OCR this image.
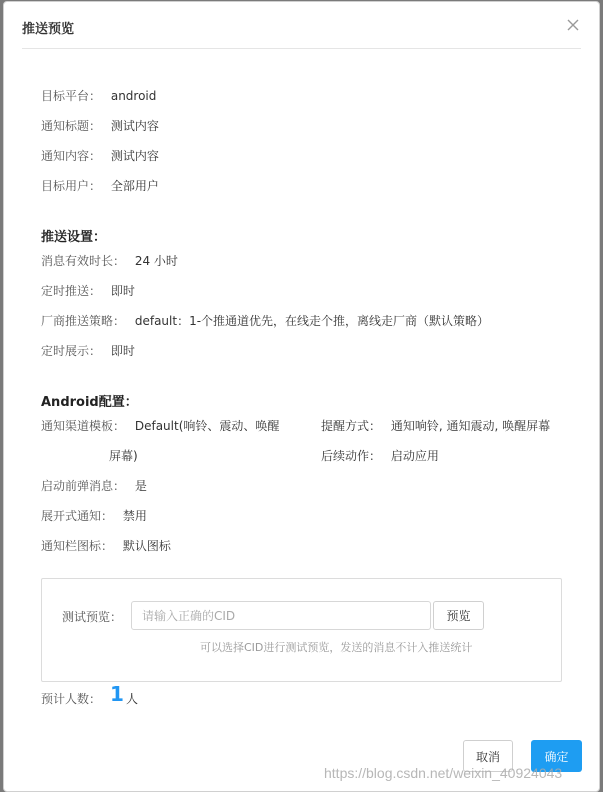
推送预览
目标平台： android
通知标题： 测试内容
通知内容： 测试内容
目标用户： 全部用户
推送设置：
消息有效时长： 24 小时
定时推送： 即时
厂商推送策略： default：1-个推通道优先，在线走个推，离线走厂商（默认策略）
定时展示： 即时
Android配置：
通知渠道模板： Default(响铃、震动、唤醒
屏幕)
提醒方式： 通知响铃, 通知震动, 唤醒屏幕
后续动作： 启动应用
启动前弹消息： 是
展开式通知： 禁用
通知栏图标： 默认图标
测试预览：
请输入正确的CID	预览
可以选择CID进行测试预览，发送的消息不计入推送统计
预计人数： 1 人
取消	确定
https://blog.csdn.net/weixin_40924043
